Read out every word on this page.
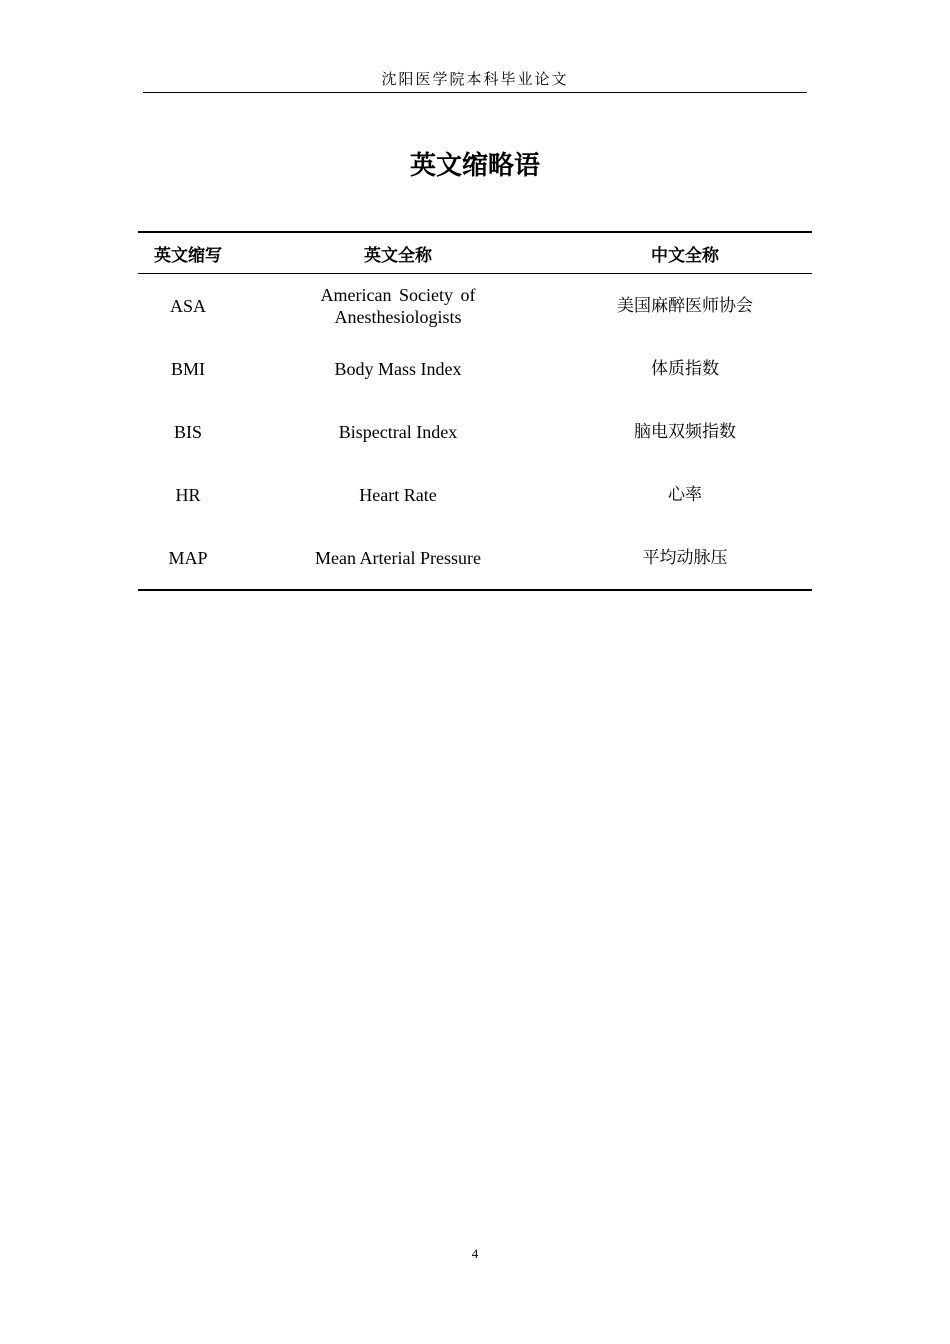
沈阳医学院本科毕业论文
英文缩略语
英文缩写	英文全称	中文全称
ASA	American Society of Anesthesiologists	美国麻醉医师协会
BMI	Body Mass Index	体质指数
BIS	Bispectral Index	脑电双频指数
HR	Heart Rate	心率
MAP	Mean Arterial Pressure	平均动脉压
4
